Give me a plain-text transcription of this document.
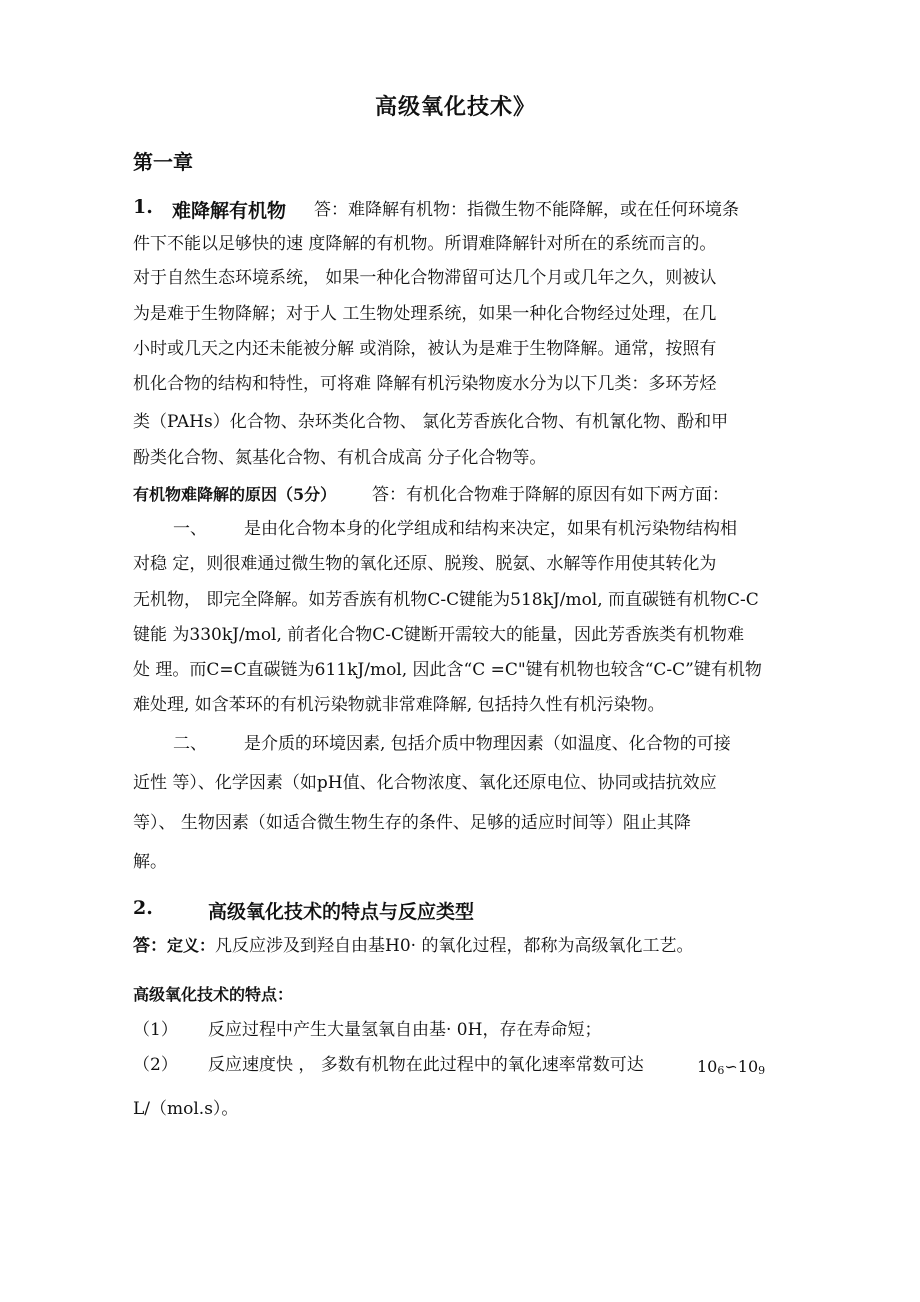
高级氧化技术》
第一章
1. 难降解有机物 答：难降解有机物：指微生物不能降解，或在任何环境条
件下不能以足够快的速 度降解的有机物。所谓难降解针对所在的系统而言的。
对于自然生态环境系统， 如果一种化合物滞留可达几个月或几年之久，则被认
为是难于生物降解；对于人 工生物处理系统，如果一种化合物经过处理，在几
小时或几天之内还未能被分解 或消除，被认为是难于生物降解。通常，按照有
机化合物的结构和特性，可将难 降解有机污染物废水分为以下几类：多环芳烃
类（PAHs）化合物、杂环类化合物、 氯化芳香族化合物、有机氰化物、酚和甲
酚类化合物、氮基化合物、有机合成高 分子化合物等。
有机物难降解的原因（5分） 答：有机化合物难于降解的原因有如下两方面：
一、 是由化合物本身的化学组成和结构来决定，如果有机污染物结构相
对稳 定，则很难通过微生物的氧化还原、脱羧、脱氨、水解等作用使其转化为
无机物， 即完全降解。如芳香族有机物C-C键能为518kJ/mol, 而直碳链有机物C-C
键能 为330kJ/mol, 前者化合物C-C键断开需较大的能量，因此芳香族类有机物难
处 理。而C=C直碳链为611kJ/mol, 因此含“C =C"键有机物也较含“C-C”键有机物
难处理, 如含苯环的有机污染物就非常难降解, 包括持久性有机污染物。
二、 是介质的环境因素, 包括介质中物理因素（如温度、化合物的可接
近性 等）、化学因素（如pH值、化合物浓度、氧化还原电位、协同或拮抗效应
等）、 生物因素（如适合微生物生存的条件、足够的适应时间等）阻止其降
解。
2.	高级氧化技术的特点与反应类型
答：定义：凡反应涉及到羟自由基H0· 的氧化过程，都称为高级氧化工艺。
高级氧化技术的特点：
（1） 反应过程中产生大量氢氧自由基· 0H，存在寿命短；
（2） 反应速度快 ， 多数有机物在此过程中的氧化速率常数可达	106∽109
L/（mol.s）。
